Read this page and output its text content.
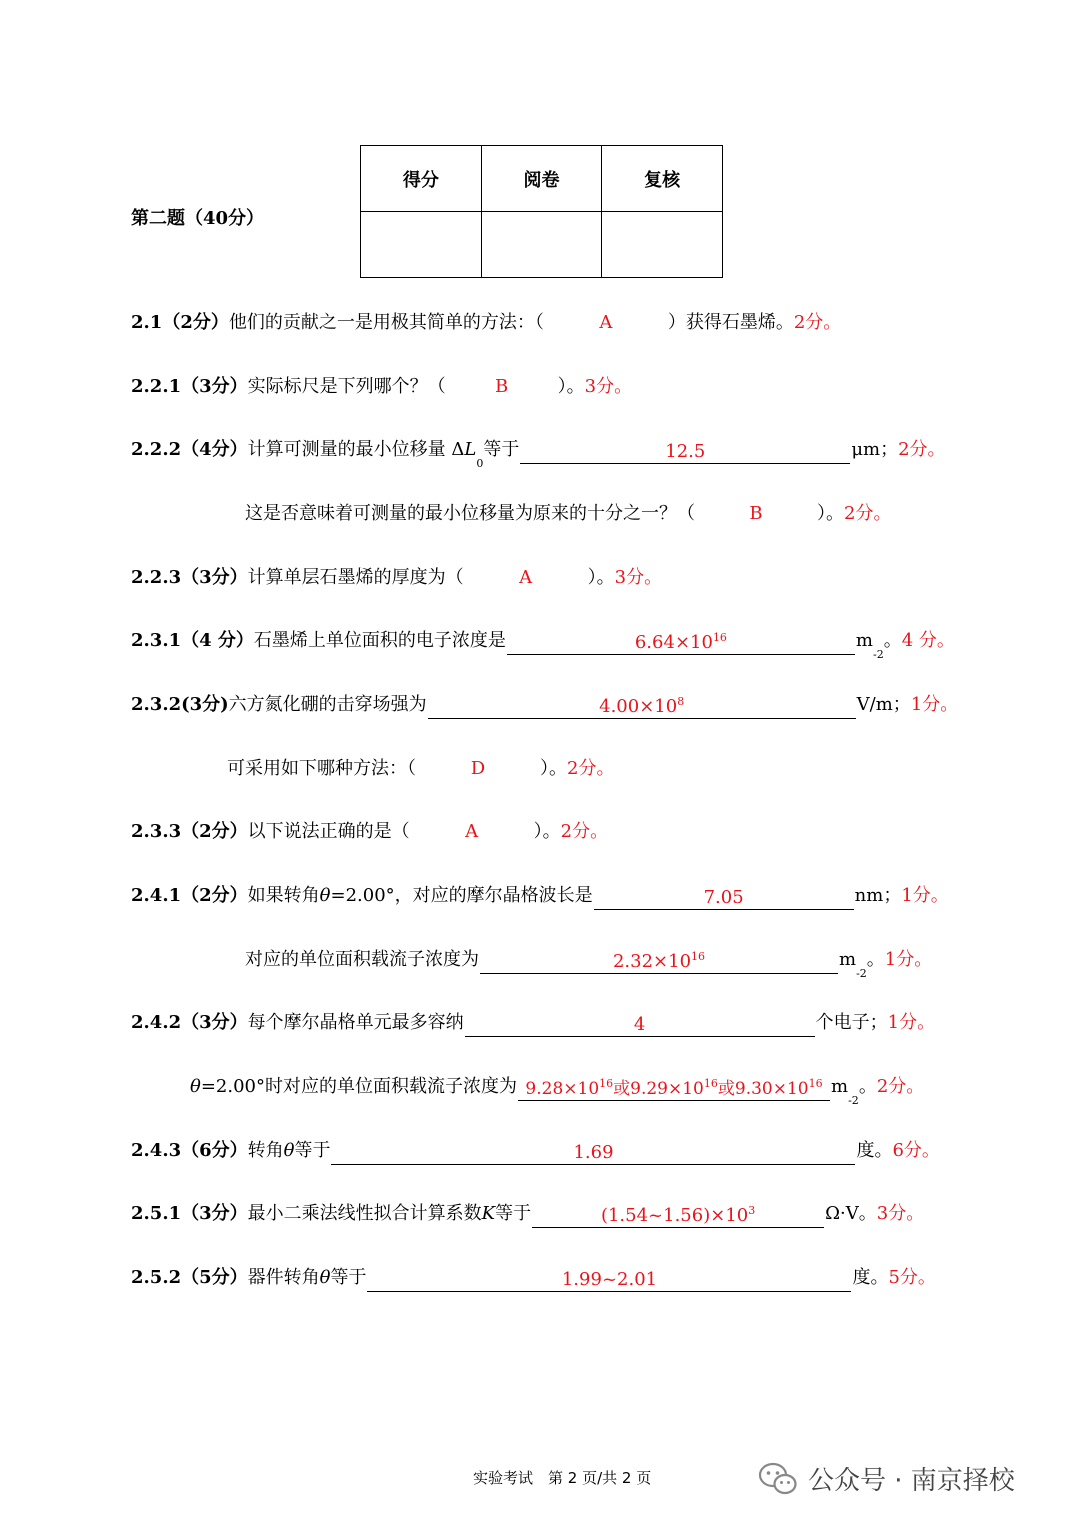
得分	阅卷	复核

第二题（40分）
2.1 （2分） 他们的贡献之一是用极其简单的方法：（	A	）获得石墨烯。 2分。
2.2.1 （3分） 实际标尺是下列哪个？（	B	）。 3分。
2.2.2 （4分） 计算可测量的最小位移量 Δ L
0
等于	12.5	μm； 2分。
这是否意味着可测量的最小位移量为原来的十分之一？（	B	）。 2分。
2.2.3 （3分） 计算单层石墨烯的厚度为（	A	）。 3分。
2.3.1 （4 分） 石墨烯上单位面积的电子浓度是	$6.64\times 10^{16}$	m
-2
。 4 分。
2.3.2 (3分) 六方氮化硼的击穿场强为	$4.00\times 10^8$	V/m； 1分。
可采用如下哪种方法：（	D	）。 2分。
2.3.3 （2分） 以下说法正确的是（	A	）。 2分。
2.4.1 （2分） 如果转角 θ =2.00°，对应的摩尔晶格波长是	7.05	nm； 1分。
对应的单位面积载流子浓度为	$2.32\times 10^{16}$	m
-2
。 1分。
2.4.2 （3分） 每个摩尔晶格单元最多容纳	4	个电子； 1分。
θ =2.00°时对应的单位面积载流子浓度为 $9.28\times 10^{16}$或$9.29\times 10^{16}$或$9.30\times 10^{16}$ m
-2
。 2分。
2.4.3 （6分） 转角 θ 等于	1.69	度。 6分。
2.5.1 （3分） 最小二乘法线性拟合计算系数 K 等于	$(1.54\sim 1.56)\times 10^3$	Ω·V。 3分。
2.5.2 （5分） 器件转角 θ 等于	1.99~2.01	度。 5分。
实验考试　第 2 页/共 2 页	公众号 · 南京择校
